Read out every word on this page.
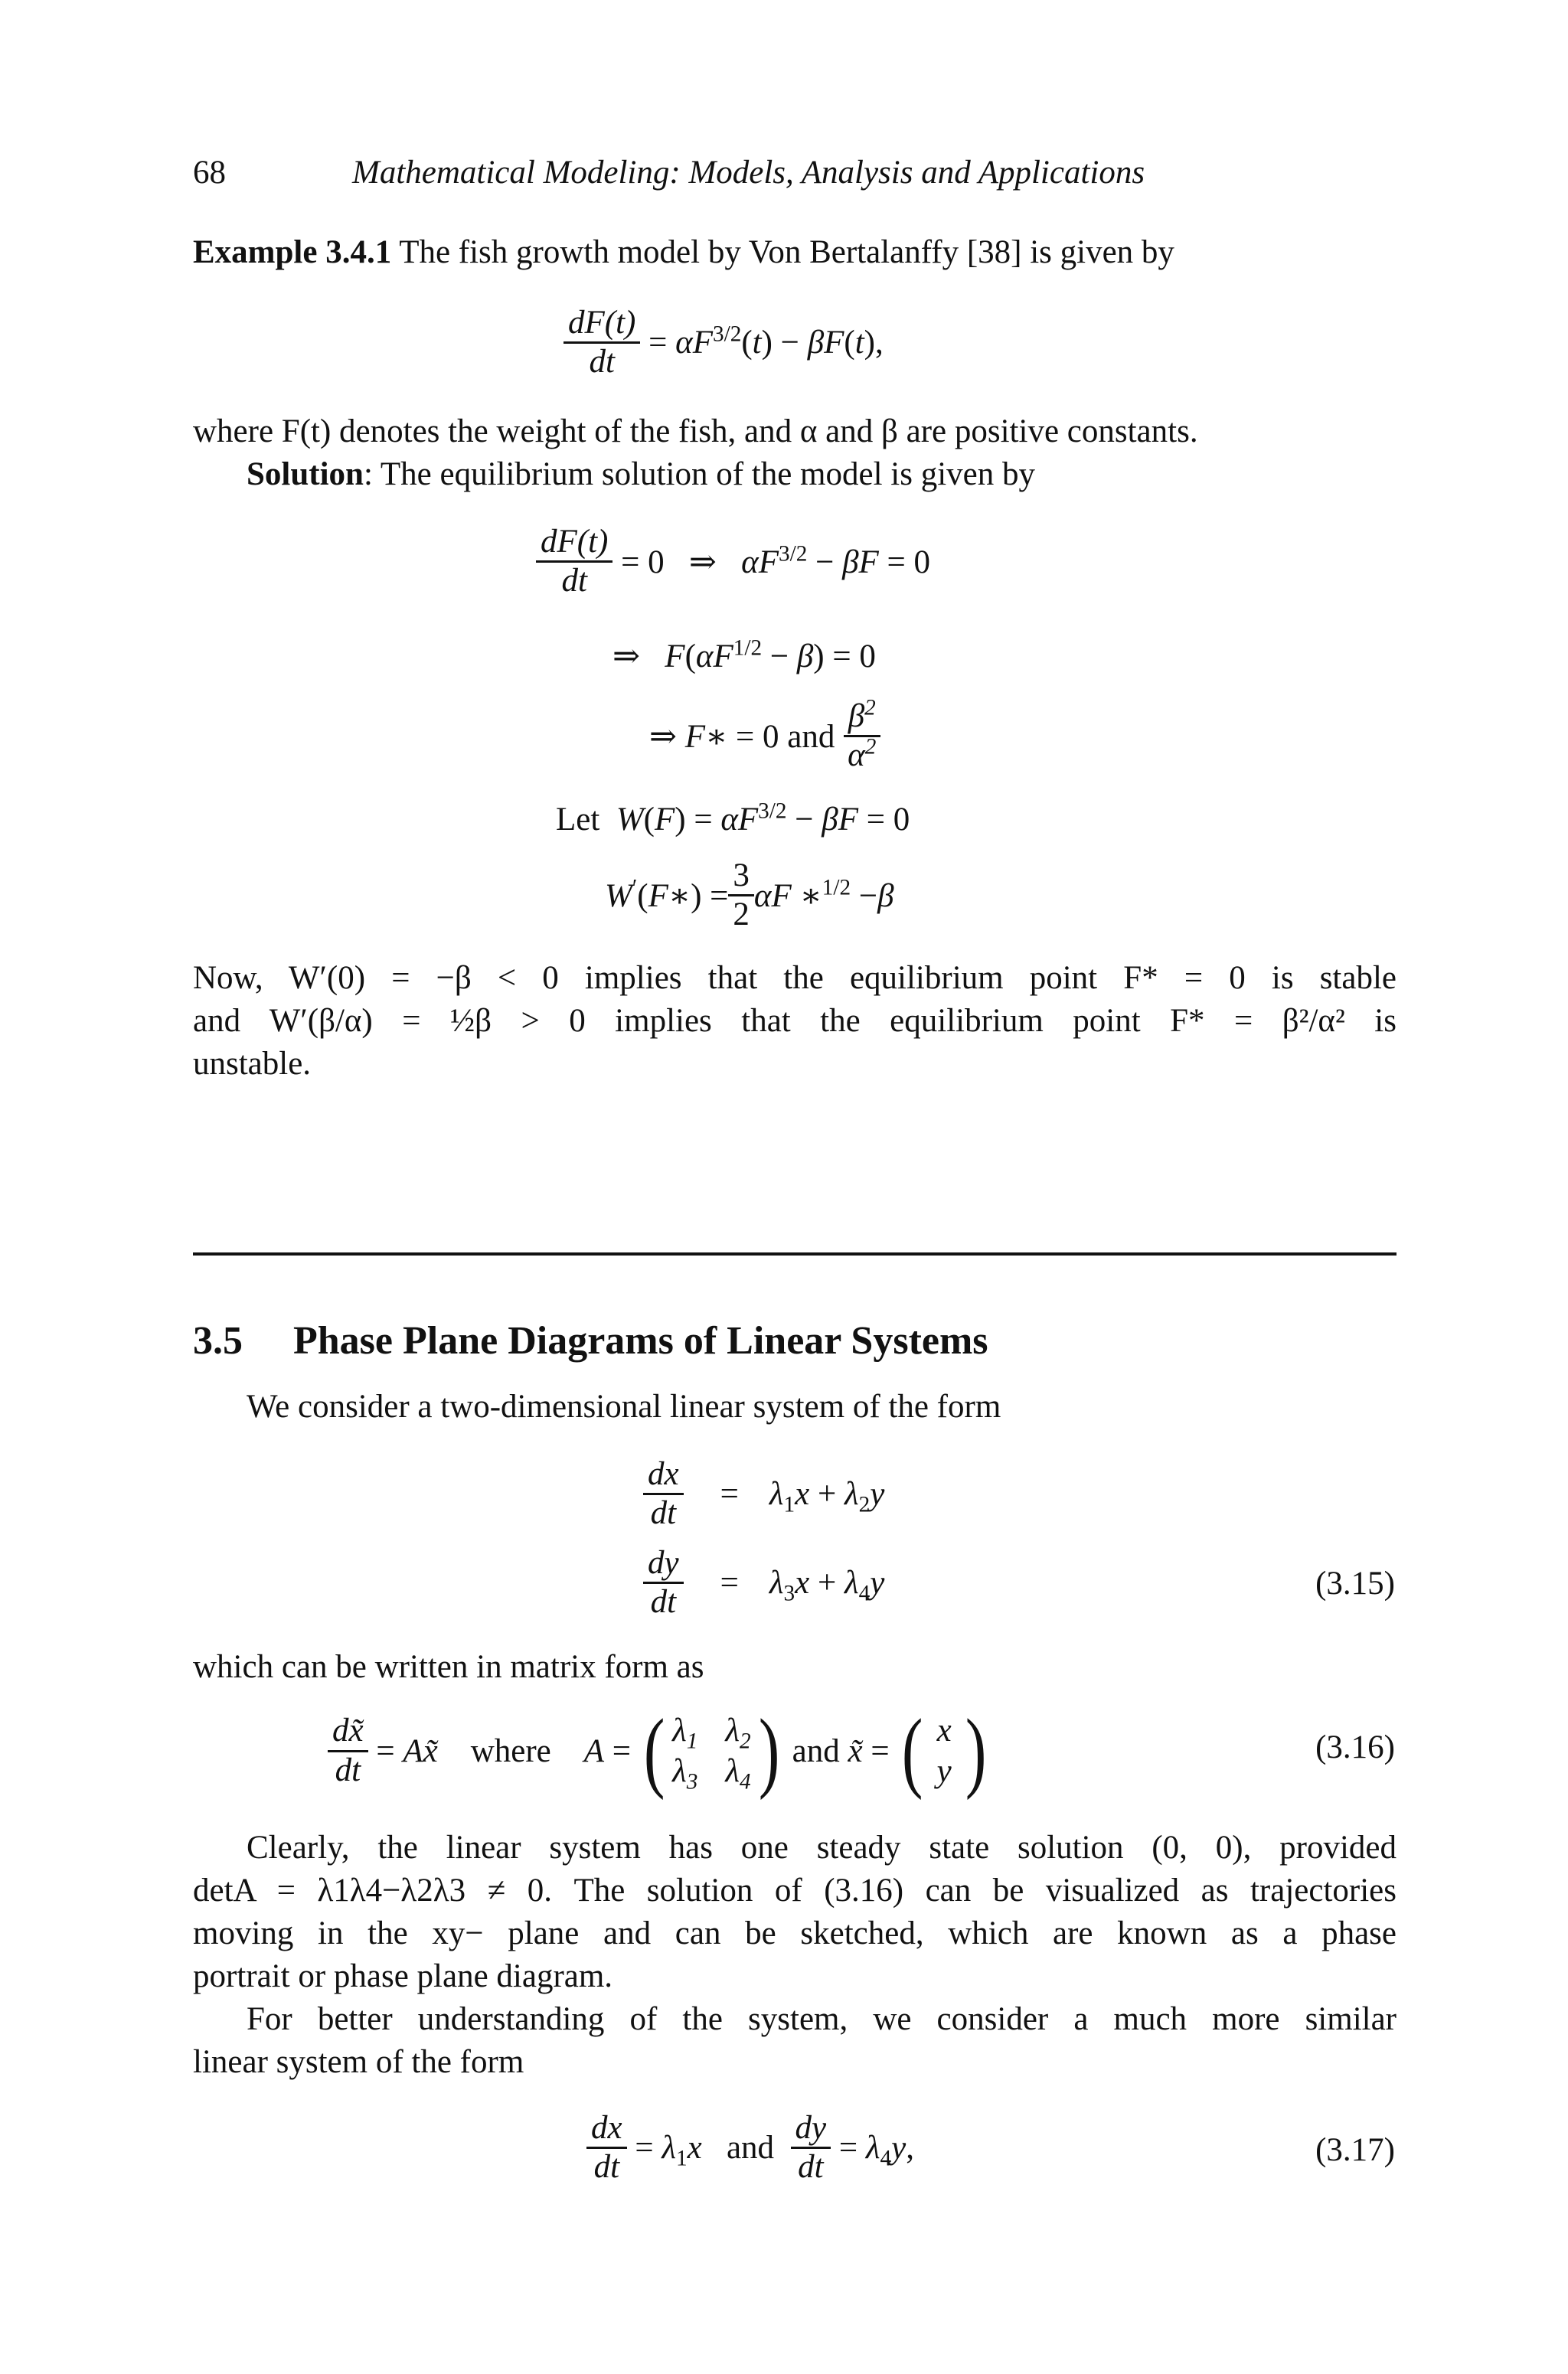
68	Mathematical Modeling: Models, Analysis and Applications
Example 3.4.1 The fish growth model by Von Bertalanffy [38] is given by
$\frac{dF(t)}{dt} = \alpha F^{3/2}(t) - \beta F(t)$,
where F(t) denotes the weight of the fish, and α and β are positive constants.
Solution: The equilibrium solution of the model is given by
$\frac{dF(t)}{dt} = 0$   ⇒   $\alpha F^{3/2} - \beta F = 0$
⇒   $F(\alpha F^{1/2} - \beta) = 0$
⇒ F∗ = 0 and
$\beta^2$
$\alpha^2$
Let $W(F) = \alpha F^{3/2} - \beta F = 0$
W′(F∗) = $\frac{3}{2}$ αF ∗$^{1/2}$ −β
Now, W′(0) = −β < 0 implies that the equilibrium point F* = 0 is stable
and W′(β/α) = ½β > 0 implies that the equilibrium point F* = β²/α² is
unstable.
3.5 Phase Plane Diagrams of Linear Systems
We consider a two-dimensional linear system of the form
$\frac{dx}{dt} = \lambda_1x + \lambda_2y$
$\frac{dy}{dt} = \lambda_3x + \lambda_4y$	(3.15)
which can be written in matrix form as
$\frac{dx̃}{dt}$ = Ax̃ where A = ( $\lambda_1$ $\lambda_2$
$\lambda_3$ $\lambda_4$ ) and x̃ = ( x
y )	(3.16)
Clearly, the linear system has one steady state solution (0, 0), provided
detA = λ1λ4−λ2λ3 ≠ 0. The solution of (3.16) can be visualized as trajectories
moving in the xy− plane and can be sketched, which are known as a phase
portrait or phase plane diagram.
For better understanding of the system, we consider a much more similar
linear system of the form
$\frac{dx}{dt} = \lambda_1x$ and $\frac{dy}{dt} = \lambda_4y$,	(3.17)
